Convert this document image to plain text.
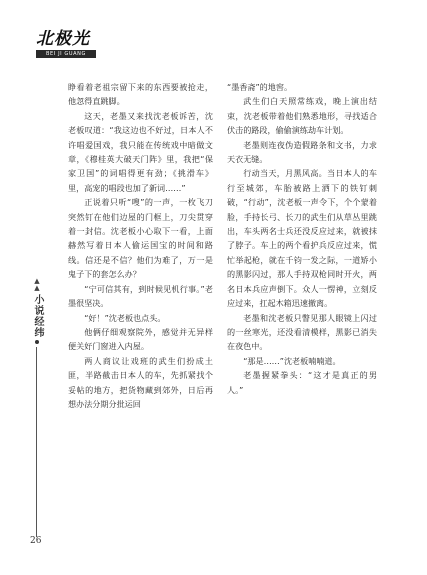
北极光
BEI JI GUANG

睁看着老祖宗留下来的东西要被抢走，他忽得直跳脚。

这天，老墨又来找沈老板诉苦，沈老板叹道：“我这边也不好过，日本人不许唱爱国戏，我只能在传统戏中暗做文章，《穆桂英大破天门阵》里，我把“保家卫国”的词唱得更有劲；《挑滑车》里，高宠的唱段也加了新词……”

正说着只听“嗖”的一声，一枚飞刀突然钉在他们边屋的门框上，刀尖贯穿着一封信。沈老板小心取下一看，上面赫然写着日本人偷运国宝的时间和路线。信还是不信？他们为难了，万一是鬼子下的套怎么办？

“宁可信其有，到时候见机行事。”老墨很坚决。

“好！”沈老板也点头。

他俩仔细观察院外，感觉并无异样便关好门窗进入内屋。

两人商议让戏班的武生们扮成土匪，半路截击日本人的车，先抓紧找个妥帖的地方，把货物藏到郊外，日后再想办法分期分批运回

“墨香斋”的地窖。

武生们白天照常练戏，晚上演出结束，沈老板带着他们熟悉地形，寻找适合伏击的路段，偷偷演练劫车计划。

老墨则连夜伪造假路条和文书，力求天衣无缝。

行动当天，月黑风高。当日本人的车行至城郊，车胎被路上洒下的铁钉刺破，“行动”，沈老板一声令下，个个蒙着脸，手持长弓、长刀的武生们从草丛里跳出，车头两名士兵还没反应过来，就被抹了脖子。车上的两个看护兵反应过来，慌忙举起枪，就在千钧一发之际，一道矫小的黑影闪过，那人手持双枪同时开火，两名日本兵应声倒下。众人一愣神，立刻反应过来，扛起木箱迅速撤离。

老墨和沈老板只瞥见那人眼镜上闪过的一丝寒光，还没看清模样，黑影已消失在夜色中。

“那是……”沈老板喃喃道。

老墨握紧拳头：“这才是真正的男人。”

▲
▲
小说经纬
26
